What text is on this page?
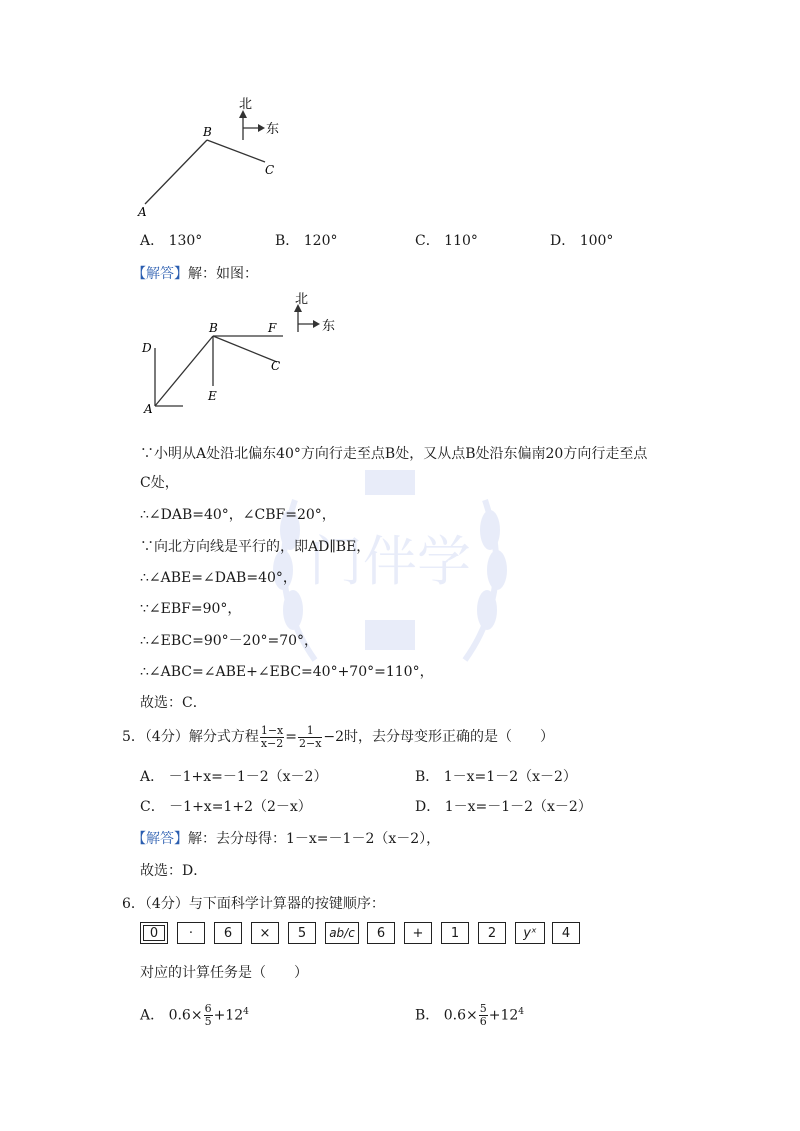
门伴学
北
东
B
C
A
A． 130°	B． 120°	C． 110°	D． 100°
【解答】解：如图：
北
东
D
B	F
C
E
A
∵小明从A处沿北偏东40°方向行走至点B处，又从点B处沿东偏南20方向行走至点
C处，
∴∠DAB=40°，∠CBF=20°，
∵向北方向线是平行的，即AD∥BE，
∴∠ABE=∠DAB=40°，
∵∠EBF=90°，
∴∠EBC=90°－20°=70°，
∴∠ABC=∠ABE+∠EBC=40°+70°=110°，
故选：C．
5．（4分）解分式方程 $\frac{1-x}{x-2} = \frac{1}{2-x} -2$时，去分母变形正确的是（　　）
A． －1+x=－1－2（x－2）	B． 1－x=1－2（x－2）
C． －1+x=1+2（2－x）	D． 1－x=－1－2（x－2）
【解答】解：去分母得：1－x=－1－2（x－2），
故选：D．
6．（4分）与下面科学计算器的按键顺序：
0	·	6	×	5	ab/c	6	+	1	2	yˣ	4
对应的计算任务是（　　）
A． $0.6\times \frac{6}{5} +12^4$	B． $0.6\times \frac{5}{6} +12^4$
